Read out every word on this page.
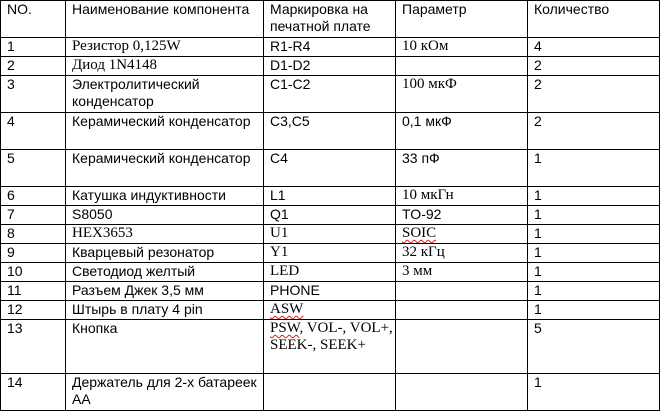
NO.	Наименование компонента	Маркировка на печатной плате	Параметр	Количество
1	Резистор 0,125W	R1-R4	10 кОм	4
2	Диод 1N4148	D1-D2		2
3	Электролитический конденсатор	C1-C2	100 мкФ	2
4	Керамический конденсатор	C3,C5	0,1 мкФ	2
5	Керамический конденсатор	C4	33 пФ	1
6	Катушка индуктивности	L1	10 мкГн	1
7	S8050	Q1	TO-92	1
8	HEX3653	U1	SOIC	1
9	Кварцевый резонатор	Y1	32 кГц	1
10	Светодиод желтый	LED	3 мм	1
11	Разъем Джек 3,5 мм	PHONE		1
12	Штырь в плату 4 pin	ASW		1
13	Кнопка	PSW, VOL-, VOL+, SEEK-, SEEK+		5
14	Держатель для 2-х батареек AA			1
